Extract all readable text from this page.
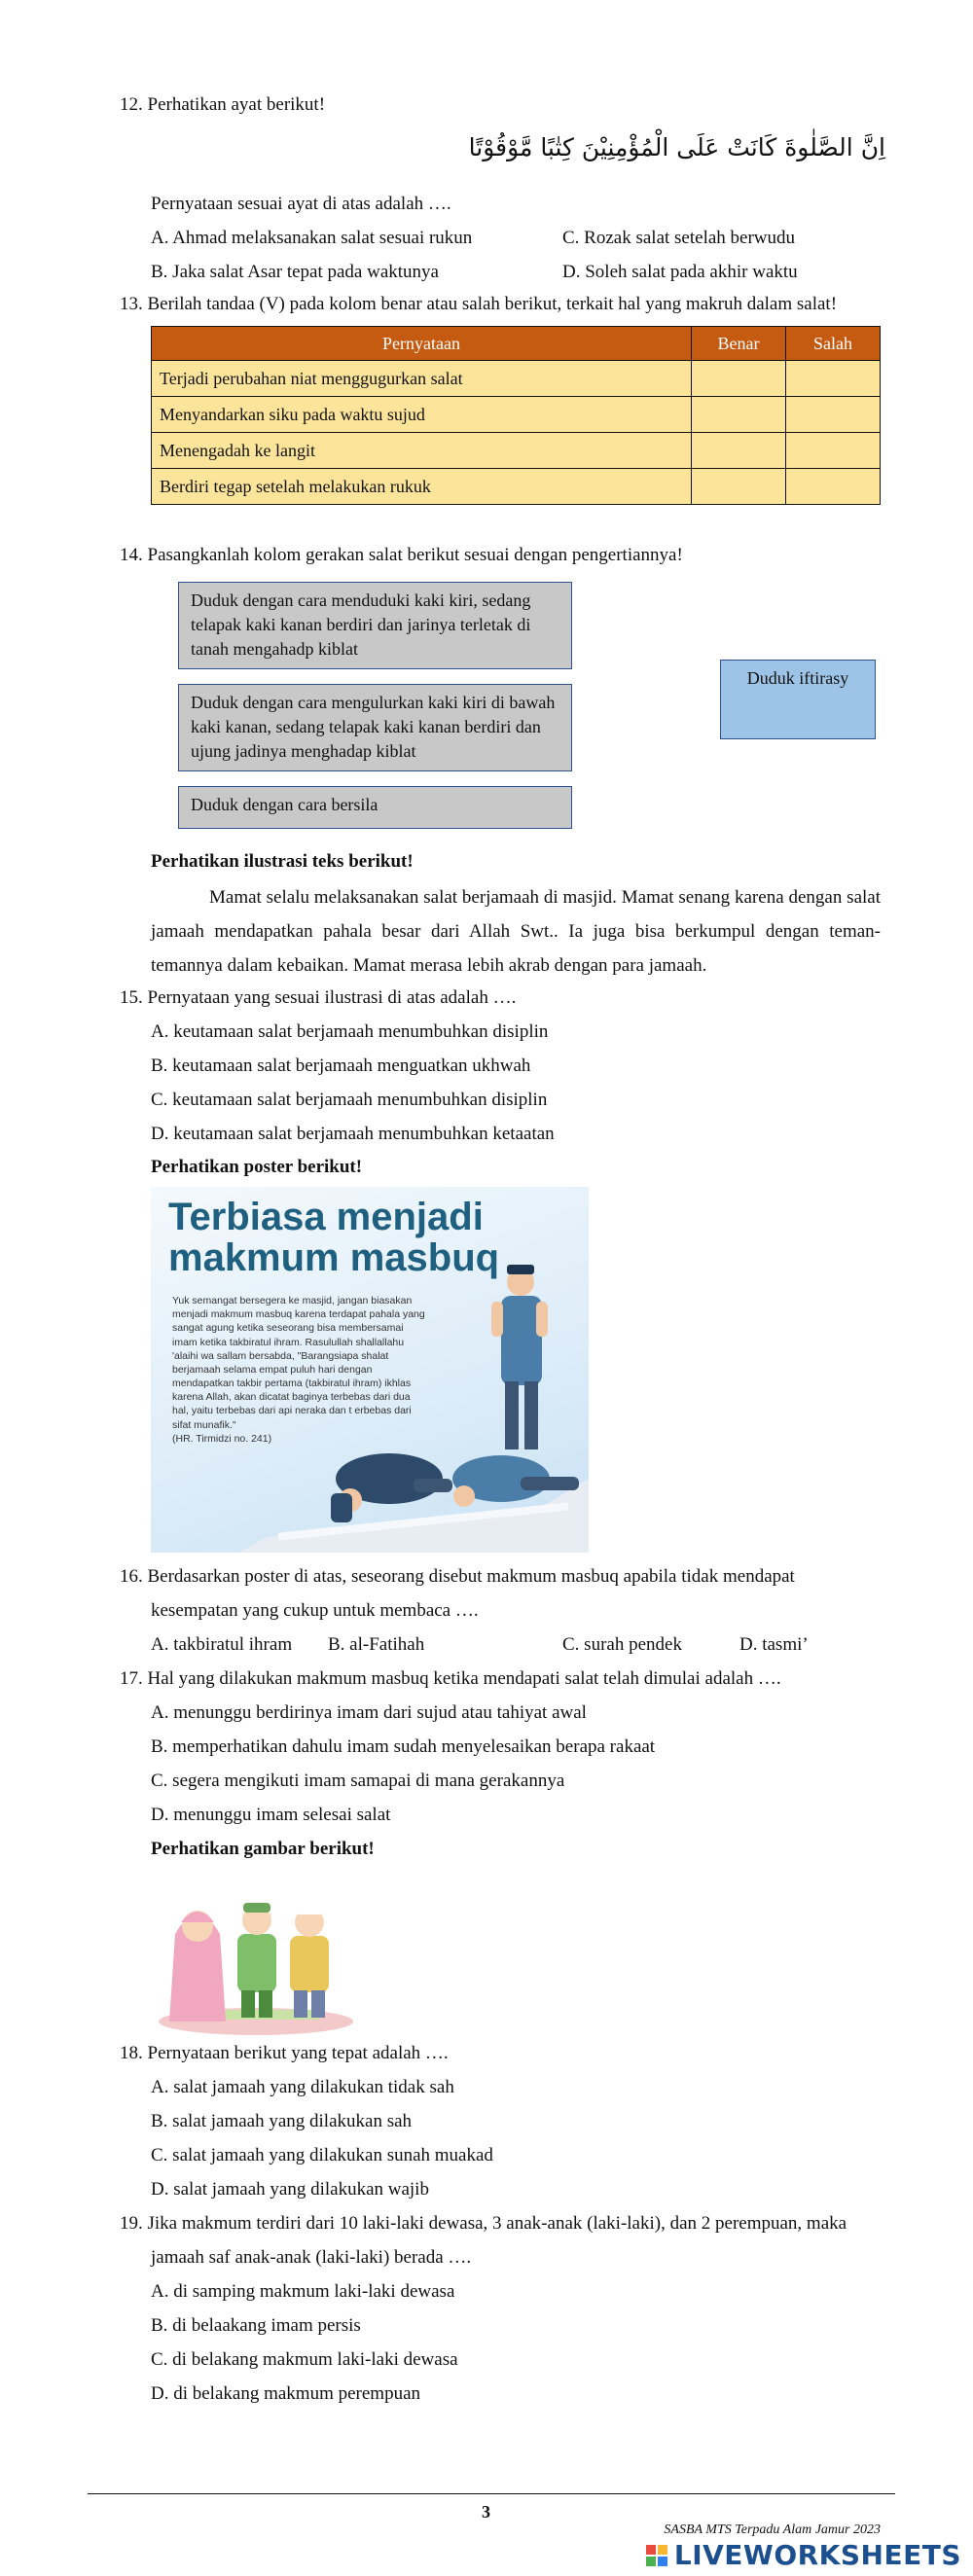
12. Perhatikan ayat berikut!
اِنَّ الصَّلٰوةَ كَانَتْ عَلَى الْمُؤْمِنِيْنَ كِتٰبًا مَّوْقُوْتًا
Pernyataan sesuai ayat di atas adalah ….
A. Ahmad melaksanakan salat sesuai rukun	C. Rozak salat setelah berwudu
B. Jaka salat Asar tepat pada waktunya	D. Soleh salat pada akhir waktu
13. Berilah tandaa (V) pada kolom benar atau salah berikut, terkait hal yang makruh dalam salat!
Pernyataan	Benar	Salah
Terjadi perubahan niat menggugurkan salat		
Menyandarkan siku pada waktu sujud		
Menengadah ke langit		
Berdiri tegap setelah melakukan rukuk		
14. Pasangkanlah kolom gerakan salat berikut sesuai dengan pengertiannya!
Duduk dengan cara menduduki kaki kiri, sedang telapak kaki kanan berdiri dan jarinya terletak di tanah mengahadp kiblat
Duduk dengan cara mengulurkan kaki kiri di bawah kaki kanan, sedang telapak kaki kanan berdiri dan ujung jadinya menghadap kiblat
Duduk dengan cara bersila
Duduk iftirasy
Perhatikan ilustrasi teks berikut!
Mamat selalu melaksanakan salat berjamaah di masjid. Mamat senang karena dengan salat jamaah mendapatkan pahala besar dari Allah Swt.. Ia juga bisa berkumpul dengan teman-temannya dalam kebaikan. Mamat merasa lebih akrab dengan para jamaah.
15. Pernyataan yang sesuai ilustrasi di atas adalah ….
A. keutamaan salat berjamaah menumbuhkan disiplin
B. keutamaan salat berjamaah menguatkan ukhwah
C. keutamaan salat berjamaah menumbuhkan disiplin
D. keutamaan salat berjamaah menumbuhkan ketaatan
Perhatikan poster berikut!
Terbiasa menjadi
makmum masbuq
Yuk semangat bersegera ke masjid, jangan biasakan menjadi makmum masbuq karena terdapat pahala yang sangat agung ketika seseorang bisa membersamai imam ketika takbiratul ihram. Rasulullah shallallahu 'alaihi wa sallam bersabda, "Barangsiapa shalat berjamaah selama empat puluh hari dengan mendapatkan takbir pertama (takbiratul ihram) ikhlas karena Allah, akan dicatat baginya terbebas dari dua hal, yaitu terbebas dari api neraka dan t erbebas dari sifat munafik."
(HR. Tirmidzi no. 241)
16. Berdasarkan poster di atas, seseorang disebut makmum masbuq apabila tidak mendapat
kesempatan yang cukup untuk membaca ….
A. takbiratul ihram B. al-Fatihah	C. surah pendek	D. tasmi’
17. Hal yang dilakukan makmum masbuq ketika mendapati salat telah dimulai adalah ….
A. menunggu berdirinya imam dari sujud atau tahiyat awal
B. memperhatikan dahulu imam sudah menyelesaikan berapa rakaat
C. segera mengikuti imam samapai di mana gerakannya
D. menunggu imam selesai salat
Perhatikan gambar berikut!
18. Pernyataan berikut yang tepat adalah ….
A. salat jamaah yang dilakukan tidak sah
B. salat jamaah yang dilakukan sah
C. salat jamaah yang dilakukan sunah muakad
D. salat jamaah yang dilakukan wajib
19. Jika makmum terdiri dari 10 laki-laki dewasa, 3 anak-anak (laki-laki), dan 2 perempuan, maka
jamaah saf anak-anak (laki-laki) berada ….
A. di samping makmum laki-laki dewasa
B. di belaakang imam persis
C. di belakang makmum laki-laki dewasa
D. di belakang makmum perempuan
3
SASBA MTS Terpadu Alam Jamur 2023
LIVEWORKSHEETS
